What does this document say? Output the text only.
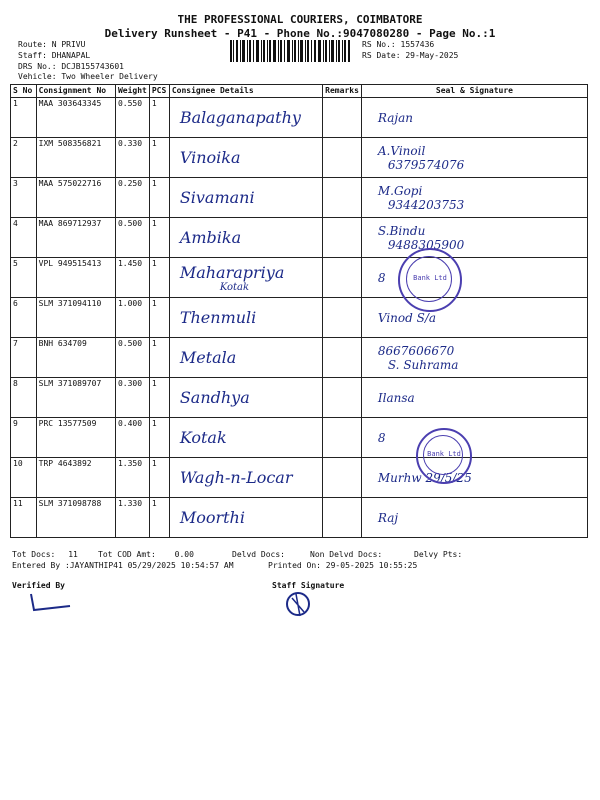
THE PROFESSIONAL COURIERS, COIMBATORE
Delivery Runsheet - P41 - Phone No.:9047080280 - Page No.:1
Route: N PRIVU
Staff: DHANAPAL
DRS No.: DCJB155743601
Vehicle: Two Wheeler Delivery
RS No.: 1557436
RS Date: 29-May-2025
S No	Consignment No	Weight	PCS	Consignee Details	Remarks	Seal & Signature
1	MAA 303643345	0.550	1	Balaganapathy		Rajan

2	IXM 508356821	0.330	1	Vinoika		A.Vinoil
6379574076

3	MAA 575022716	0.250	1	Sivamani		M.Gopi
9344203753

4	MAA 869712937	0.500	1	Ambika		S.Bindu
9488305900

5	VPL 949515413	1.450	1	Maharapriya
Kotak		8

6	SLM 371094110	1.000	1	Thenmuli		Vinod S/a

7	BNH 634709	0.500	1	Metala		8667606670
S. Suhrama

8	SLM 371089707	0.300	1	Sandhya		Ilansa

9	PRC 13577509	0.400	1	Kotak		8

10	TRP 4643892	1.350	1	Wagh-n-Locar		Murhw 29/5/25

11	SLM 371098788	1.330	1	Moorthi		Raj
Bank Ltd
Bank Ltd
Tot Docs: 11	Tot COD Amt: 0.00	Delvd Docs:	Non Delvd Docs:	Delvy Pts:
Entered By :JAYANTHIP41 05/29/2025 10:54:57 AM	Printed On: 29-05-2025 10:55:25
Verified By	Staff Signature
